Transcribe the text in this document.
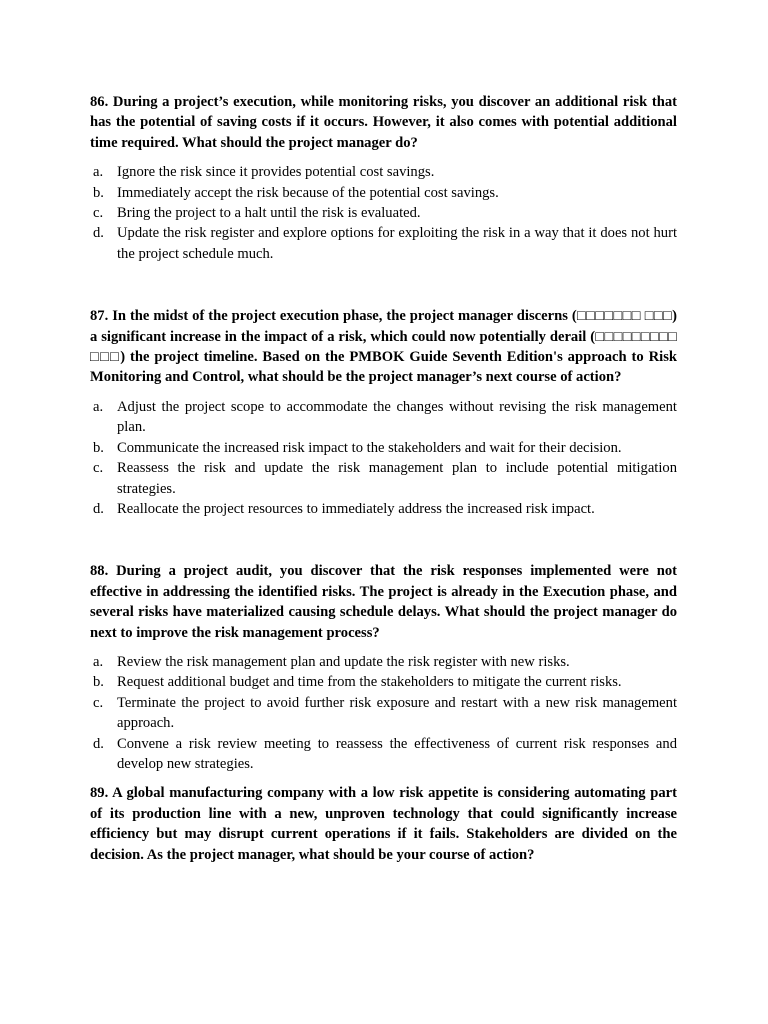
86. During a project’s execution, while monitoring risks, you discover an additional risk that has the potential of saving costs if it occurs. However, it also comes with potential additional time required. What should the project manager do?

a. Ignore the risk since it provides potential cost savings.
b. Immediately accept the risk because of the potential cost savings.
c. Bring the project to a halt until the risk is evaluated.
d. Update the risk register and explore options for exploiting the risk in a way that it does not hurt the project schedule much.

87. In the midst of the project execution phase, the project manager discerns (□□□□□□□ □□□) a significant increase in the impact of a risk, which could now potentially derail (□□□□□□□□□ □□□) the project timeline. Based on the PMBOK Guide Seventh Edition's approach to Risk Monitoring and Control, what should be the project manager’s next course of action?

a. Adjust the project scope to accommodate the changes without revising the risk management plan.
b. Communicate the increased risk impact to the stakeholders and wait for their decision.
c. Reassess the risk and update the risk management plan to include potential mitigation strategies.
d. Reallocate the project resources to immediately address the increased risk impact.

88. During a project audit, you discover that the risk responses implemented were not effective in addressing the identified risks. The project is already in the Execution phase, and several risks have materialized causing schedule delays. What should the project manager do next to improve the risk management process?

a. Review the risk management plan and update the risk register with new risks.
b. Request additional budget and time from the stakeholders to mitigate the current risks.
c. Terminate the project to avoid further risk exposure and restart with a new risk management approach.
d. Convene a risk review meeting to reassess the effectiveness of current risk responses and develop new strategies.

89. A global manufacturing company with a low risk appetite is considering automating part of its production line with a new, unproven technology that could significantly increase efficiency but may disrupt current operations if it fails. Stakeholders are divided on the decision. As the project manager, what should be your course of action?
